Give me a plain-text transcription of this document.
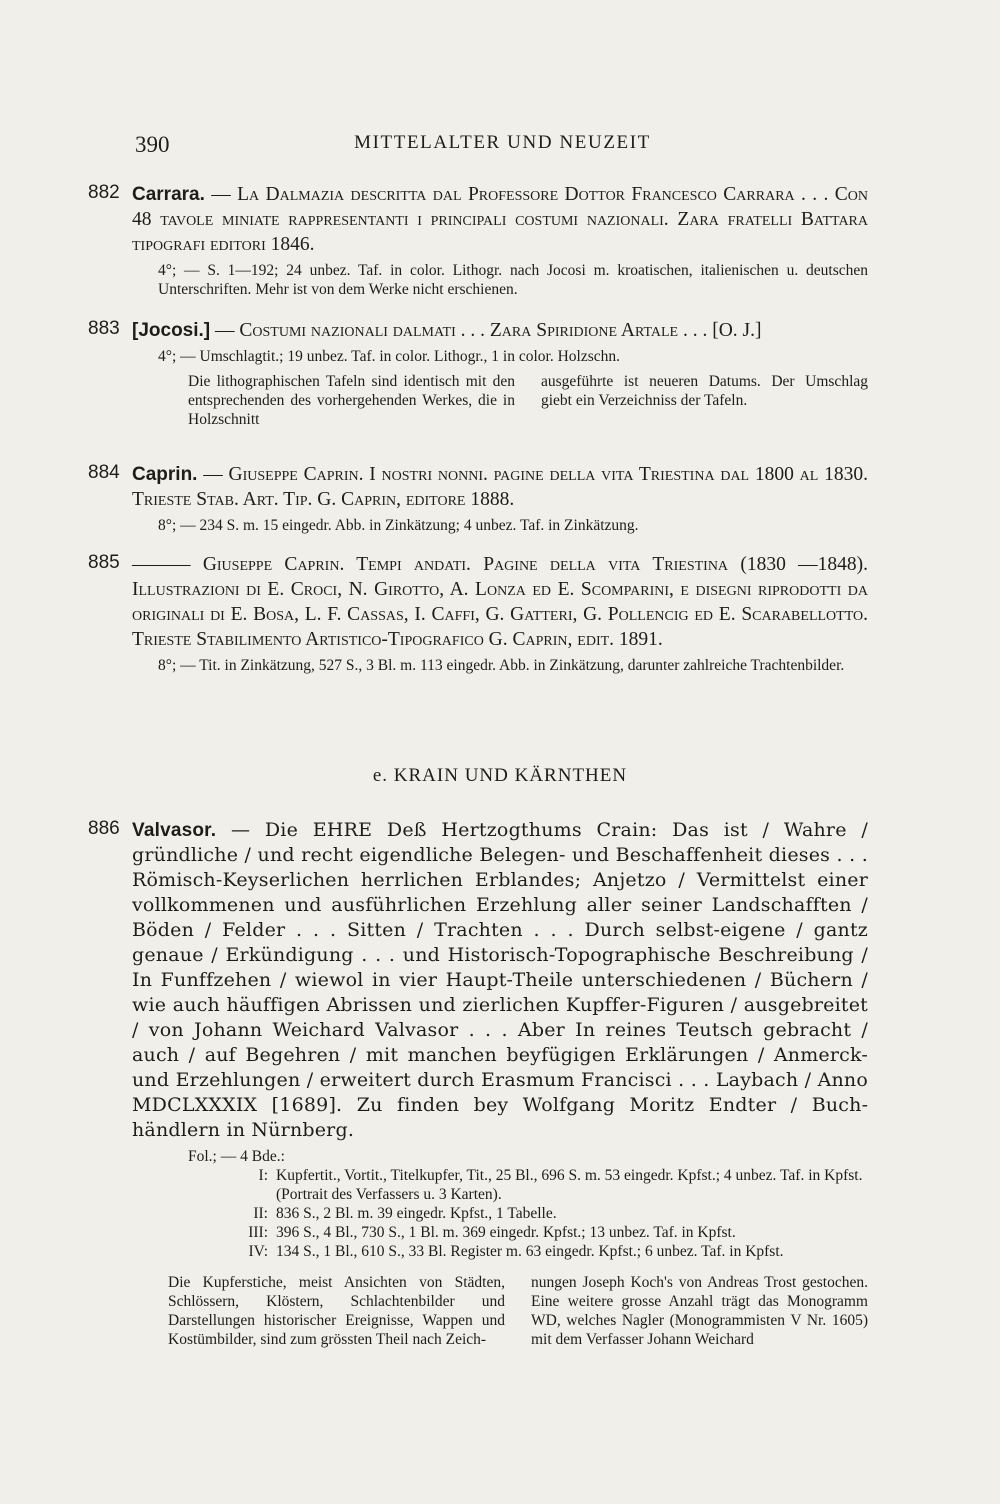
390	MITTELALTER UND NEUZEIT
882 Carrara. — La Dalmazia descritta dal Professore Dottor Francesco Carrara . . . Con 48 tavole miniate rappresentanti i principali costumi nazionali. Zara fratelli Battara tipografi editori 1846.
4°; — S. 1—192; 24 unbez. Taf. in color. Lithogr. nach Jocosi m. kroatischen, italienischen u. deutschen Unterschriften. Mehr ist von dem Werke nicht erschienen.
883 [Jocosi.] — Costumi nazionali dalmati . . . Zara Spiridione Artale . . . [O. J.]
4°; — Umschlagtit.; 19 unbez. Taf. in color. Lithogr., 1 in color. Holzschn.
Die lithographischen Tafeln sind identisch mit den entsprechenden des vorhergehenden Werkes, die in Holzschnitt
ausgeführte ist neueren Datums. Der Umschlag giebt ein Verzeichniss der Tafeln.
884 Caprin. — Giuseppe Caprin. I nostri nonni. pagine della vita Triestina dal 1800 al 1830. Trieste Stab. Art. Tip. G. Caprin, editore 1888.
8°; — 234 S. m. 15 eingedr. Abb. in Zinkätzung; 4 unbez. Taf. in Zinkätzung.
885 ——— Giuseppe Caprin. Tempi andati. Pagine della vita Triestina (1830 —1848). Illustrazioni di E. Croci, N. Girotto, A. Lonza ed E. Scomparini, e disegni riprodotti da originali di E. Bosa, L. F. Cassas, I. Caffi, G. Gatteri, G. Pollencig ed E. Scarabellotto. Trieste Stabilimento Artistico-Tipografico G. Caprin, edit. 1891.
8°; — Tit. in Zinkätzung, 527 S., 3 Bl. m. 113 eingedr. Abb. in Zinkätzung, darunter zahlreiche Trachtenbilder.
e. KRAIN UND KÄRNTHEN
886 Valvasor. — Die EHRE Deß Hertzogthums Crain: Das ist / Wahre / gründliche / und recht eigendliche Belegen- und Beschaffenheit dieses . . . Römisch-Keyserlichen herrlichen Erblandes; Anjetzo / Vermittelst einer vollkommenen und ausführlichen Erzehlung aller seiner Landschafften / Böden / Felder . . . Sitten / Trachten . . . Durch selbst-eigene / gantz genaue / Erkündigung . . . und Historisch-Topographische Beschreibung / In Funffzehen / wiewol in vier Haupt-Theile unterschiedenen / Büchern / wie auch häuffigen Abrissen und zierlichen Kupffer-Figuren / ausgebreitet / von Johann Weichard Valvasor . . . Aber In reines Teutsch gebracht / auch / auf Begehren / mit manchen beyfügigen Erklärungen / Anmerck- und Erzehlungen / erweitert durch Erasmum Francisci . . . Laybach / Anno MDCLXXXIX [1689]. Zu finden bey Wolfgang Moritz Endter / Buchhändlern in Nürnberg.
Fol.; — 4 Bde.:
I: Kupfertit., Vortit., Titelkupfer, Tit., 25 Bl., 696 S. m. 53 eingedr. Kpfst.; 4 unbez. Taf. in Kpfst. (Portrait des Verfassers u. 3 Karten).
II: 836 S., 2 Bl. m. 39 eingedr. Kpfst., 1 Tabelle.
III: 396 S., 4 Bl., 730 S., 1 Bl. m. 369 eingedr. Kpfst.; 13 unbez. Taf. in Kpfst.
IV: 134 S., 1 Bl., 610 S., 33 Bl. Register m. 63 eingedr. Kpfst.; 6 unbez. Taf. in Kpfst.
Die Kupferstiche, meist Ansichten von Städten, Schlössern, Klöstern, Schlachtenbilder und Darstellungen historischer Ereignisse, Wappen und Kostümbilder, sind zum grössten Theil nach Zeich-
nungen Joseph Koch's von Andreas Trost gestochen. Eine weitere grosse Anzahl trägt das Monogramm WD, welches Nagler (Monogrammisten V Nr. 1605) mit dem Verfasser Johann Weichard
